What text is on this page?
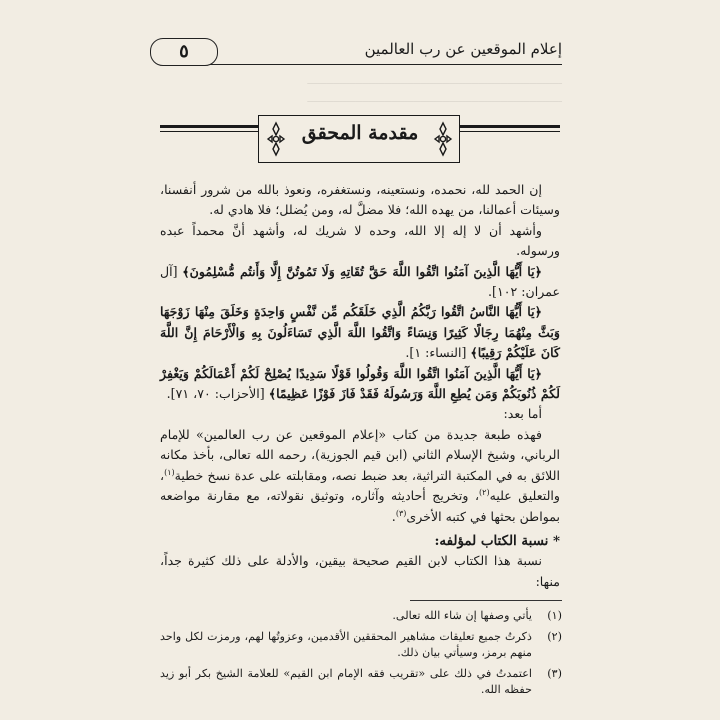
إعلام الموقعين عن رب العالمين
٥
ـــــــــــــــــــــــــــــــــــــــــــــــــــــــــــــــــــــــــــــــ
ـــــــــــــــــــــــــــــــــــــــــــــــــــــــــــــــــــــــــــــــ
مقدمة المحقق

إن الحمد لله، نحمده، ونستعينه، ونستغفره، ونعوذ بالله من شرور أنفسنا، وسيئات أعمالنا، من يهده الله؛ فلا مضلَّ له، ومن يُضلل؛ فلا هادي له.

وأشهد أن لا إله إلا الله، وحده لا شريك له، وأشهد أنَّ محمداً عبده ورسوله.

﴿يَا أَيُّهَا الَّذِينَ آمَنُوا اتَّقُوا اللَّهَ حَقَّ تُقَاتِهِ وَلَا تَمُوتُنَّ إِلَّا وَأَنتُم مُّسْلِمُونَ﴾ [آل عمران: ١٠٢].

﴿يَا أَيُّهَا النَّاسُ اتَّقُوا رَبَّكُمُ الَّذِي خَلَقَكُم مِّن نَّفْسٍ وَاحِدَةٍ وَخَلَقَ مِنْهَا زَوْجَهَا وَبَثَّ مِنْهُمَا رِجَالًا كَثِيرًا وَنِسَاءً وَاتَّقُوا اللَّهَ الَّذِي تَسَاءَلُونَ بِهِ وَالْأَرْحَامَ إِنَّ اللَّهَ كَانَ عَلَيْكُمْ رَقِيبًا﴾ [النساء: ١].

﴿يَا أَيُّهَا الَّذِينَ آمَنُوا اتَّقُوا اللَّهَ وَقُولُوا قَوْلًا سَدِيدًا يُصْلِحْ لَكُمْ أَعْمَالَكُمْ وَيَغْفِرْ لَكُمْ ذُنُوبَكُمْ وَمَن يُطِعِ اللَّهَ وَرَسُولَهُ فَقَدْ فَازَ فَوْزًا عَظِيمًا﴾ [الأحزاب: ٧٠، ٧١].

أما بعد:

فهذه طبعة جديدة من كتاب «إعلام الموقعين عن رب العالمين» للإمام الرباني، وشيخ الإسلام الثاني (ابن قيم الجوزية)، رحمه الله تعالى، بأخذ مكانه اللائق به في المكتبة التراثية، بعد ضبط نصه، ومقابلته على عدة نسخ خطية$^{(١)}$، والتعليق عليه$^{(٢)}$، وتخريج أحاديثه وآثاره، وتوثيق نقولاته، مع مقارنة مواضعه بمواطن بحثها في كتبه الأخرى$^{(٣)}$.

* نسبة الكتاب لمؤلفه:

نسبة هذا الكتاب لابن القيم صحيحة بيقين، والأدلة على ذلك كثيرة جداً، منها:

(١)
يأتي وصفها إن شاء الله تعالى.
(٢)
ذكرتُ جميع تعليقات مشاهير المحققين الأقدمين، وعزوتُها لهم، ورمزت لكل واحد منهم برمز، وسيأتي بيان ذلك.
(٣)
اعتمدتُ في ذلك على «تقريب فقه الإمام ابن القيم» للعلامة الشيخ بكر أبو زيد حفظه الله.
